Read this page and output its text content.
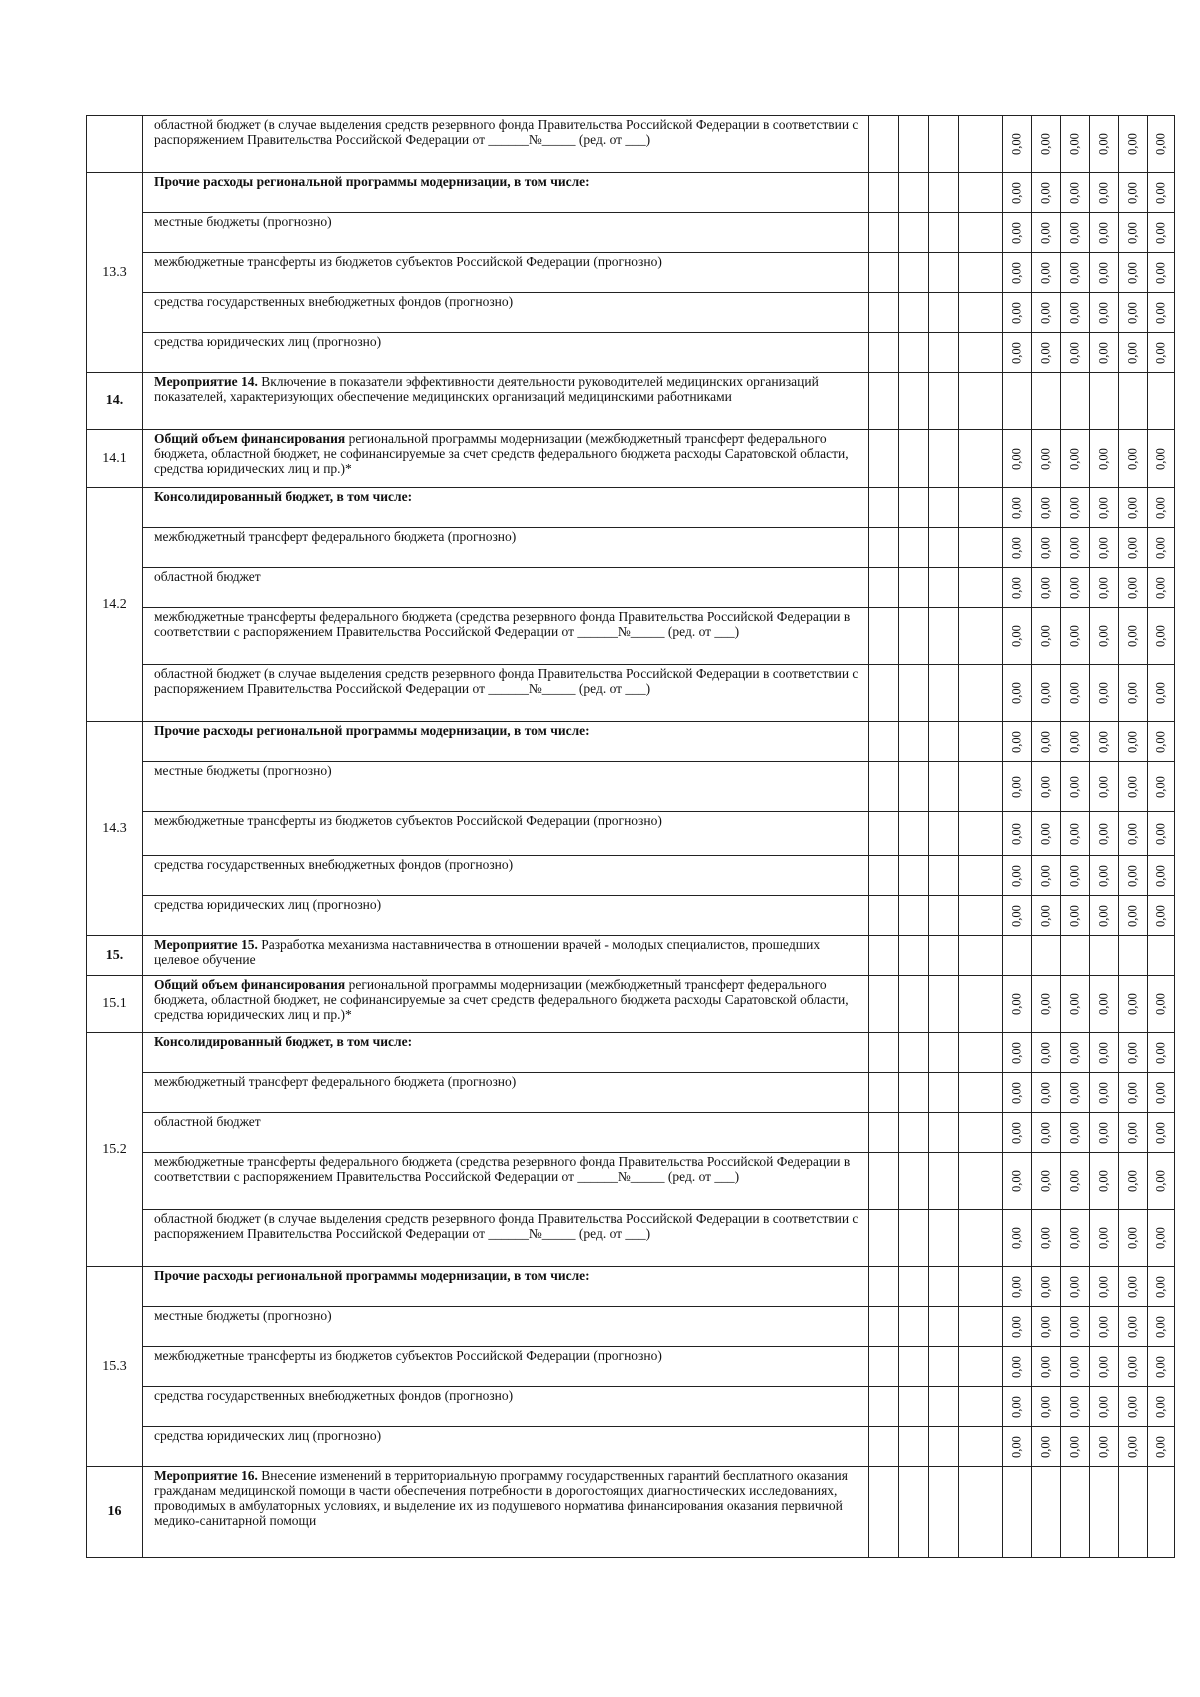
	областной бюджет (в случае выделения средств резервного фонда Правительства Российской Федерации в соответствии с распоряжением Правительства Российской Федерации от ______№_____ (ред. от ___)					0,00	0,00	0,00	0,00	0,00	0,00

13.3	Прочие расходы региональной программы модернизации, в том числе:					0,00	0,00	0,00	0,00	0,00	0,00

	местные бюджеты (прогнозно)					0,00	0,00	0,00	0,00	0,00	0,00

	межбюджетные трансферты из бюджетов субъектов Российской Федерации (прогнозно)					0,00	0,00	0,00	0,00	0,00	0,00

	средства государственных внебюджетных фондов (прогнозно)					0,00	0,00	0,00	0,00	0,00	0,00

	средства юридических лиц (прогнозно)					0,00	0,00	0,00	0,00	0,00	0,00

14.	Мероприятие 14. Включение в показатели эффективности деятельности руководителей медицинских организаций показателей, характеризующих обеспечение медицинских организаций медицинскими работниками										
14.1	Общий объем финансирования региональной программы модернизации (межбюджетный трансферт федерального бюджета, областной бюджет, не софинансируемые за счет средств федерального бюджета расходы Саратовской области, средства юридических лиц и пр.)*					0,00	0,00	0,00	0,00	0,00	0,00

14.2	Консолидированный бюджет, в том числе:					0,00	0,00	0,00	0,00	0,00	0,00

	межбюджетный трансферт федерального бюджета (прогнозно)					0,00	0,00	0,00	0,00	0,00	0,00

	областной бюджет					0,00	0,00	0,00	0,00	0,00	0,00

	межбюджетные трансферты федерального бюджета (средства резервного фонда Правительства Российской Федерации в соответствии с распоряжением Правительства Российской Федерации от ______№_____ (ред. от ___)					0,00	0,00	0,00	0,00	0,00	0,00

	областной бюджет (в случае выделения средств резервного фонда Правительства Российской Федерации в соответствии с распоряжением Правительства Российской Федерации от ______№_____ (ред. от ___)					0,00	0,00	0,00	0,00	0,00	0,00

14.3	Прочие расходы региональной программы модернизации, в том числе:					0,00	0,00	0,00	0,00	0,00	0,00

	местные бюджеты (прогнозно)					0,00	0,00	0,00	0,00	0,00	0,00

	межбюджетные трансферты из бюджетов субъектов Российской Федерации (прогнозно)					0,00	0,00	0,00	0,00	0,00	0,00

	средства государственных внебюджетных фондов (прогнозно)					0,00	0,00	0,00	0,00	0,00	0,00

	средства юридических лиц (прогнозно)					0,00	0,00	0,00	0,00	0,00	0,00

15.	Мероприятие 15. Разработка механизма наставничества в отношении врачей - молодых специалистов, прошедших целевое обучение										
15.1	Общий объем финансирования региональной программы модернизации (межбюджетный трансферт федерального бюджета, областной бюджет, не софинансируемые за счет средств федерального бюджета расходы Саратовской области, средства юридических лиц и пр.)*					0,00	0,00	0,00	0,00	0,00	0,00

15.2	Консолидированный бюджет, в том числе:					0,00	0,00	0,00	0,00	0,00	0,00

	межбюджетный трансферт федерального бюджета (прогнозно)					0,00	0,00	0,00	0,00	0,00	0,00

	областной бюджет					0,00	0,00	0,00	0,00	0,00	0,00

	межбюджетные трансферты федерального бюджета (средства резервного фонда Правительства Российской Федерации в соответствии с распоряжением Правительства Российской Федерации от ______№_____ (ред. от ___)					0,00	0,00	0,00	0,00	0,00	0,00

	областной бюджет (в случае выделения средств резервного фонда Правительства Российской Федерации в соответствии с распоряжением Правительства Российской Федерации от ______№_____ (ред. от ___)					0,00	0,00	0,00	0,00	0,00	0,00

15.3	Прочие расходы региональной программы модернизации, в том числе:					0,00	0,00	0,00	0,00	0,00	0,00

	местные бюджеты (прогнозно)					0,00	0,00	0,00	0,00	0,00	0,00

	межбюджетные трансферты из бюджетов субъектов Российской Федерации (прогнозно)					0,00	0,00	0,00	0,00	0,00	0,00

	средства государственных внебюджетных фондов (прогнозно)					0,00	0,00	0,00	0,00	0,00	0,00

	средства юридических лиц (прогнозно)					0,00	0,00	0,00	0,00	0,00	0,00

16	Мероприятие 16. Внесение изменений в территориальную программу государственных гарантий бесплатного оказания гражданам медицинской помощи в части обеспечения потребности в дорогостоящих диагностических исследованиях, проводимых в амбулаторных условиях, и выделение их из подушевого норматива финансирования оказания первичной медико-санитарной помощи										
